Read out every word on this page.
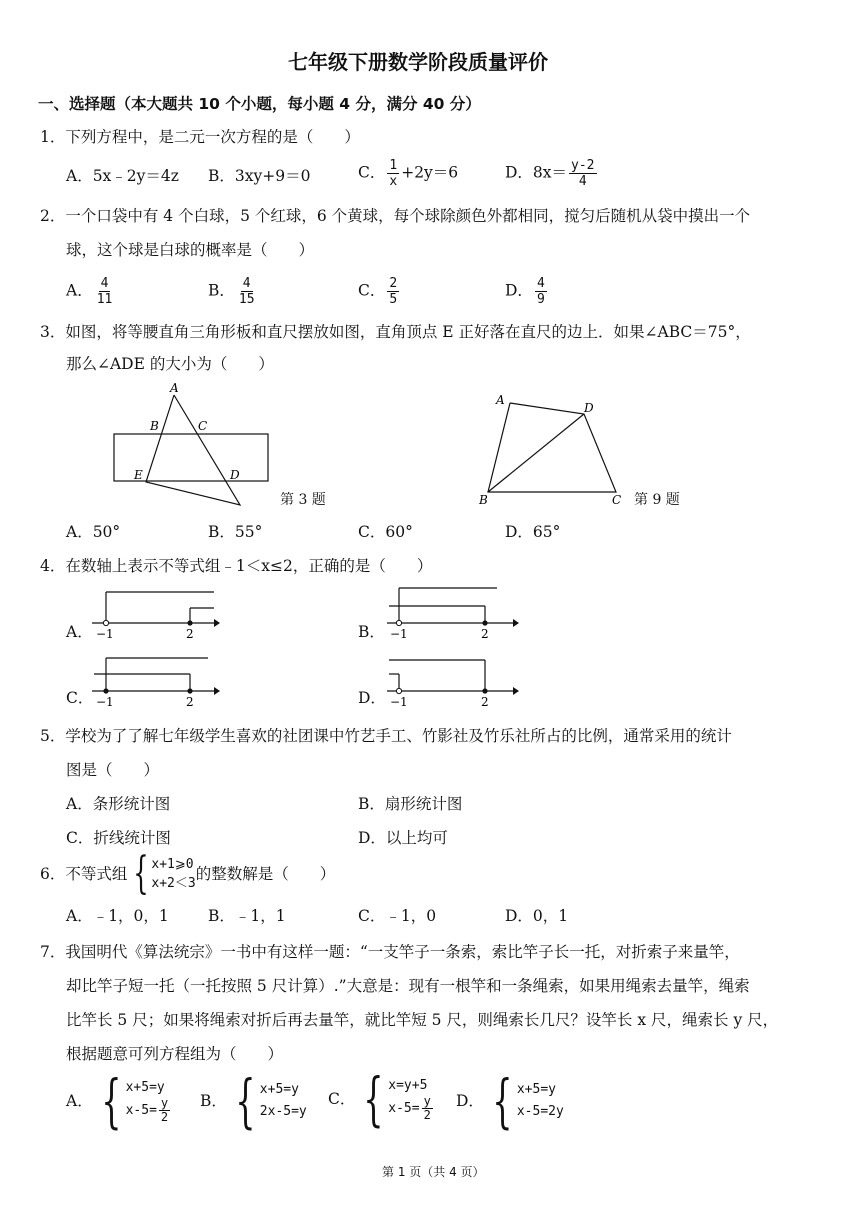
七年级下册数学阶段质量评价
一、选择题（本大题共 10 个小题，每小题 4 分，满分 40 分）
1．下列方程中，是二元一次方程的是（　　）
A．5x﹣2y＝4z B．3xy+9＝0	C． $\frac{1}{x} +2y=6$	D．$8x= \frac{y-2}{4}$
2．一个口袋中有 4 个白球，5 个红球，6 个黄球，每个球除颜色外都相同，搅匀后随机从袋中摸出一个
球，这个球是白球的概率是（　　）
A． $\frac{4}{11}$	B． $\frac{4}{15}$	C． $\frac{2}{5}$	D． $\frac{4}{9}$
3．如图，将等腰直角三角形板和直尺摆放如图，直角顶点 E 正好落在直尺的边上．如果∠ABC＝75°，
那么∠ADE 的大小为（　　）
A
B	C
E	D
第 3 题
A
D
B	C 第 9 题
A．50°	B．55°	C．60°	D．65°
4．在数轴上表示不等式组﹣1＜x≤2，正确的是（　　）
A． −1	2	B． −1	2
C． −1	2	D． −1	2
5．学校为了了解七年级学生喜欢的社团课中竹艺手工、竹影社及竹乐社所占的比例，通常采用的统计
图是（　　）
A．条形统计图	B．扇形统计图
C．折线统计图	D．以上均可
6．不等式组 { x+1⩾0
x+2＜3
的整数解是（　　）
A．﹣1，0，1	B．﹣1，1	C．﹣1，0	D．0，1
7．我国明代《算法统宗》一书中有这样一题：“一支竿子一条索，索比竿子长一托，对折索子来量竿，
却比竿子短一托（一托按照 5 尺计算）.”大意是：现有一根竿和一条绳索，如果用绳索去量竿，绳索
比竿长 5 尺；如果将绳索对折后再去量竿，就比竿短 5 尺，则绳索长几尺？设竿长 x 尺，绳索长 y 尺，
根据题意可列方程组为（　　）
A． { x+5=y
$x-5= \frac{y}{2}$ B． { x+5=y
2x-5=y
C． { x=y+5
$x-5= \frac{y}{2}$ D． { x+5=y
x-5=2y
第 1 页（共 4 页）
